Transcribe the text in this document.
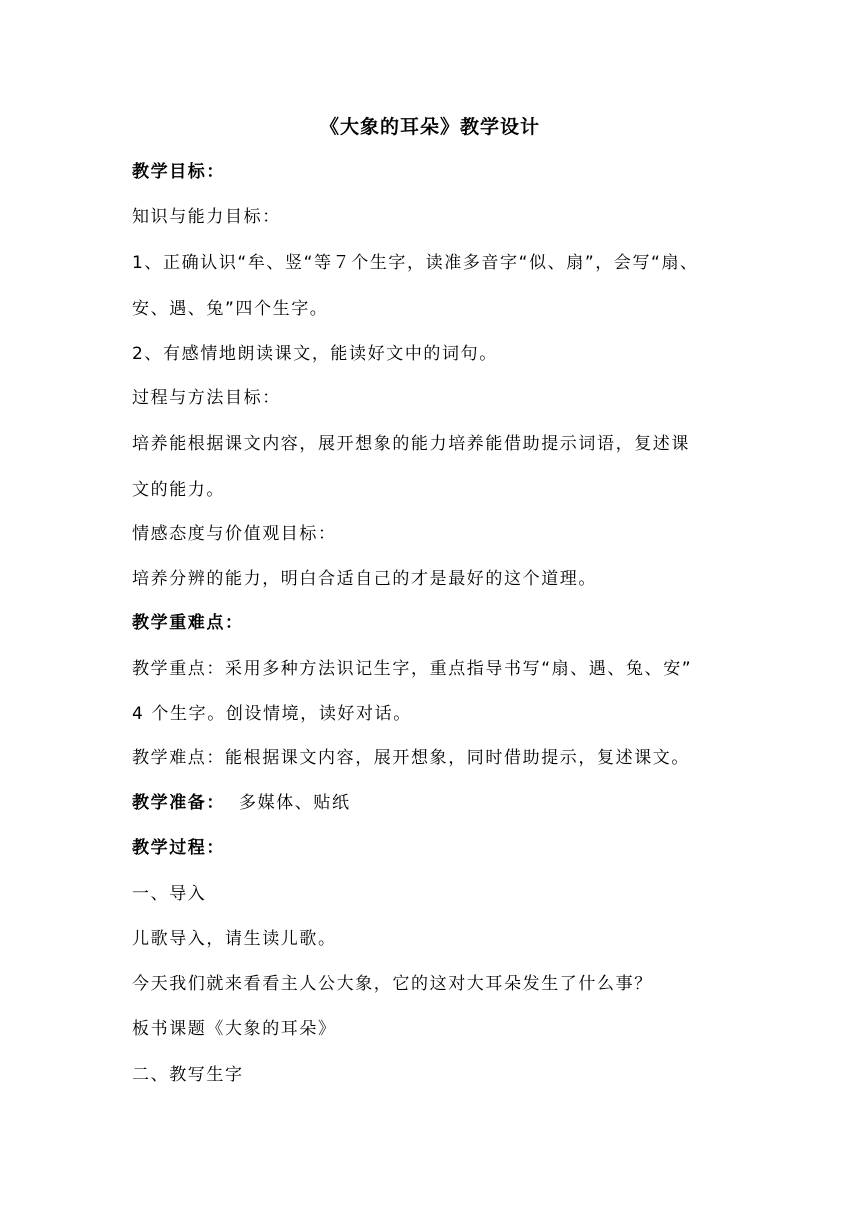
《大象的耳朵》教学设计
教学目标：
知识与能力目标：
1、正确认识“牟、竖“等７个生字，读准多音字“似、扇”，会写“扇、
安、遇、兔”四个生字。
2、有感情地朗读课文，能读好文中的词句。
过程与方法目标：
培养能根据课文内容，展开想象的能力培养能借助提示词语，复述课
文的能力。
情感态度与价值观目标：
培养分辨的能力，明白合适自己的才是最好的这个道理。
教学重难点：
教学重点：采用多种方法识记生字，重点指导书写“扇、遇、兔、安”
4 个生字。创设情境，读好对话。
教学难点：能根据课文内容，展开想象，同时借助提示，复述课文。
教学准备： 多媒体、贴纸
教学过程：
一、导入
儿歌导入，请生读儿歌。
今天我们就来看看主人公大象，它的这对大耳朵发生了什么事？
板书课题《大象的耳朵》
二、教写生字
